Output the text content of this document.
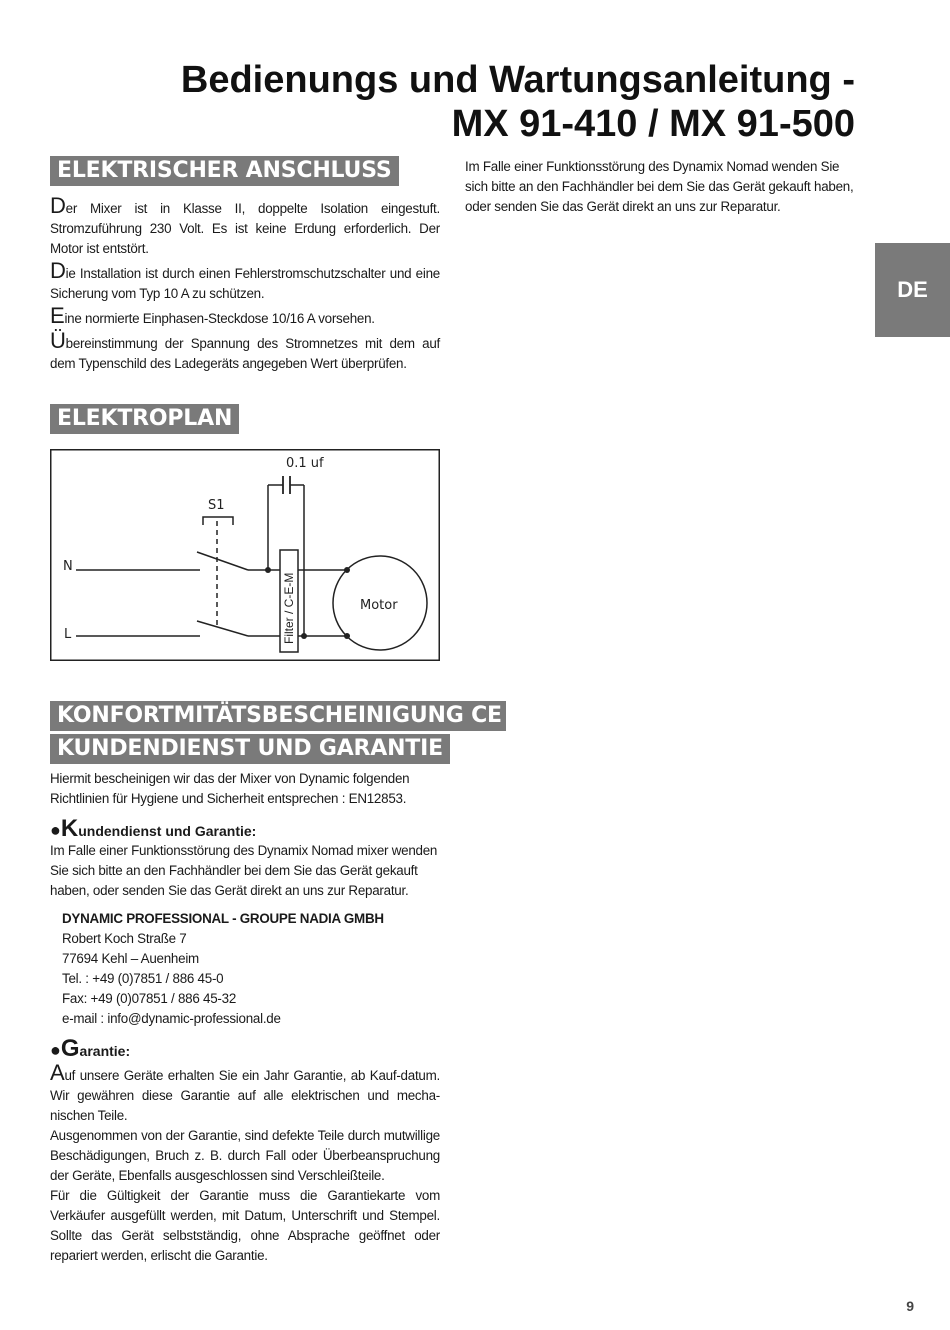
Bedienungs und Wartungsanleitung -
MX 91-410 / MX 91-500
DE
ELEKTRISCHER ANSCHLUSS

Der Mixer ist in Klasse II, doppelte Isolation eingestuft. Stromzuführung 230 Volt. Es ist keine Erdung erforderlich. Der Motor ist entstört.

Die Installation ist durch einen Fehlerstromschutzschalter und eine Sicherung vom Typ 10 A zu schützen.

Eine normierte Einphasen-Steckdose 10/16 A vorsehen.

Übereinstimmung der Spannung des Stromnetzes mit dem auf dem Typenschild des Ladegeräts angegeben Wert überprüfen.

ELEKTROPLAN
0.1 uf
S1
N
L
Motor
Filter / C-E-M
KONFORTMITÄTSBESCHEINIGUNG CE
KUNDENDIENST UND GARANTIE

Hiermit bescheinigen wir das der Mixer von Dynamic folgenden Richtlinien für Hygiene und Sicherheit entsprechen : EN12853.

●Kundendienst und Garantie:

Im Falle einer Funktionsstörung des Dynamix Nomad mixer wenden Sie sich bitte an den Fachhändler bei dem Sie das Gerät gekauft haben, oder senden Sie das Gerät direkt an uns zur Reparatur.

DYNAMIC PROFESSIONAL - GROUPE NADIA GMBH
Robert Koch Straße 7
77694 Kehl – Auenheim
Tel. : +49 (0)7851 / 886 45-0
Fax: +49 (0)07851 / 886 45-32
e-mail : info@dynamic-professional.de

●Garantie:

Auf unsere Geräte erhalten Sie ein Jahr Garantie, ab Kauf-datum. Wir gewähren diese Garantie auf alle elektrischen und mecha-nischen Teile.

Ausgenommen von der Garantie, sind defekte Teile durch mutwillige Beschädigungen, Bruch z. B. durch Fall oder Überbeanspruchung der Geräte, Ebenfalls ausgeschlossen sind Verschleißteile.

Für die Gültigkeit der Garantie muss die Garantiekarte vom Verkäufer ausgefüllt werden, mit Datum, Unterschrift und Stempel. Sollte das Gerät selbstständig, ohne Absprache geöffnet oder repariert werden, erlischt die Garantie.

Im Falle einer Funktionsstörung des Dynamix Nomad wenden Sie sich bitte an den Fachhändler bei dem Sie das Gerät gekauft haben, oder senden Sie das Gerät direkt an uns zur Reparatur.

9
